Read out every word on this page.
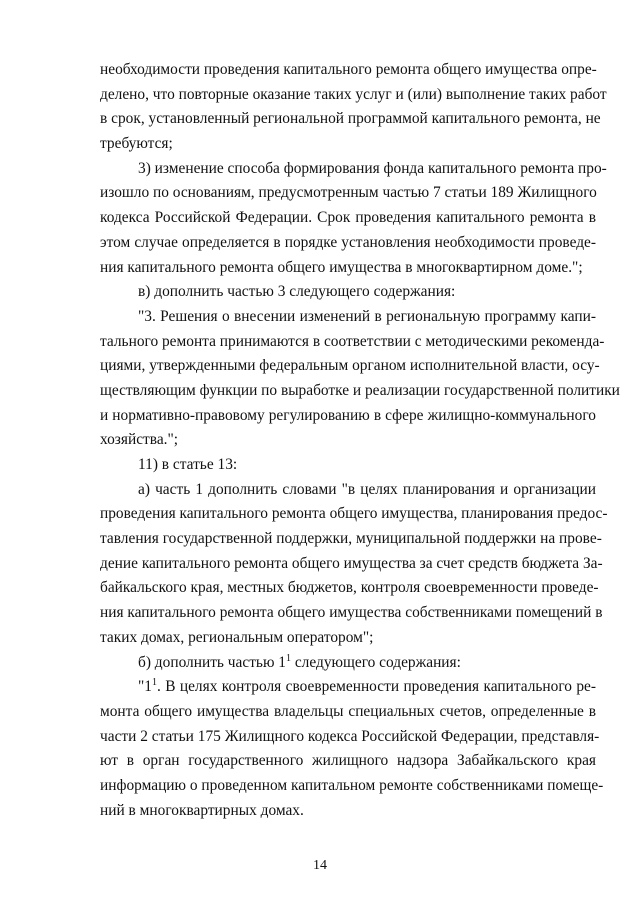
необходимости проведения капитального ремонта общего имущества опре-
делено, что повторные оказание таких услуг и (или) выполнение таких работ
в срок, установленный региональной программой капитального ремонта, не
требуются;
3) изменение способа формирования фонда капитального ремонта про-
изошло по основаниям, предусмотренным частью 7 статьи 189 Жилищного
кодекса Российской Федерации. Срок проведения капитального ремонта в
этом случае определяется в порядке установления необходимости проведе-
ния капитального ремонта общего имущества в многоквартирном доме.";
в) дополнить частью 3 следующего содержания:
"3. Решения о внесении изменений в региональную программу капи-
тального ремонта принимаются в соответствии с методическими рекоменда-
циями, утвержденными федеральным органом исполнительной власти, осу-
ществляющим функции по выработке и реализации государственной политики
и нормативно-правовому регулированию в сфере жилищно-коммунального
хозяйства.";
11) в статье 13:
а) часть 1 дополнить словами "в целях планирования и организации
проведения капитального ремонта общего имущества, планирования предос-
тавления государственной поддержки, муниципальной поддержки на прове-
дение капитального ремонта общего имущества за счет средств бюджета За-
байкальского края, местных бюджетов, контроля своевременности проведе-
ния капитального ремонта общего имущества собственниками помещений в
таких домах, региональным оператором";
б) дополнить частью $1^1$ следующего содержания:
"$1^1$. В целях контроля своевременности проведения капитального ре-
монта общего имущества владельцы специальных счетов, определенные в
части 2 статьи 175 Жилищного кодекса Российской Федерации, представля-
ют в орган государственного жилищного надзора Забайкальского края
информацию о проведенном капитальном ремонте собственниками помеще-
ний в многоквартирных домах.
14
